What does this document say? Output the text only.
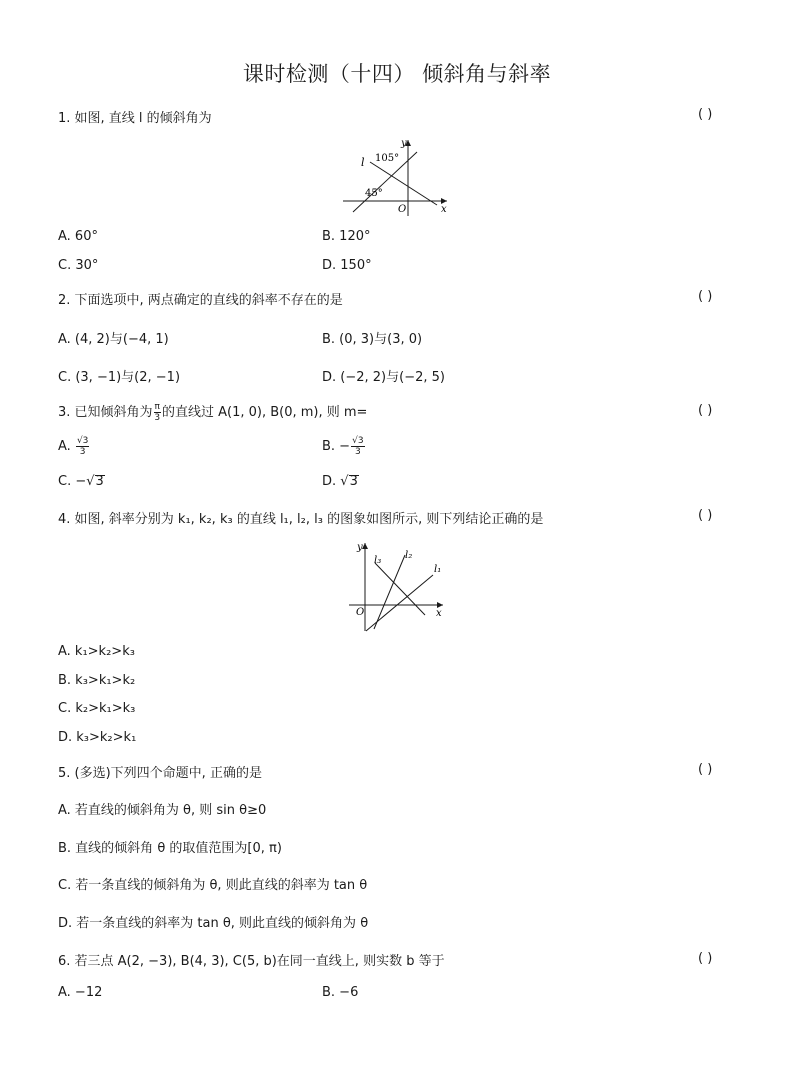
课时检测（十四） 倾斜角与斜率
1. 如图, 直线 l 的倾斜角为	( )
l 105°
45°
O	x
y
A. 60°	B. 120°
C. 30°	D. 150°
2. 下面选项中, 两点确定的直线的斜率不存在的是	( )
A. (4, 2)与(−4, 1)	B. (0, 3)与(3, 0)
C. (3, −1)与(2, −1)	D. (−2, 2)与(−2, 5)
3. 已知倾斜角为 $\frac{\pi}{3}$ 的直线过 A(1, 0), B(0, m), 则 m=	( )
A. $\frac{√3}{3}$	B. − $\frac{√3}{3}$
C. −√3	D. √3
4. 如图, 斜率分别为 k₁, k₂, k₃ 的直线 l₁, l₂, l₃ 的图象如图所示, 则下列结论正确的是	( )
l₃ l₂
l₁
O	x
y
A. k₁>k₂>k₃
B. k₃>k₁>k₂
C. k₂>k₁>k₃
D. k₃>k₂>k₁
5. (多选)下列四个命题中, 正确的是	( )
A. 若直线的倾斜角为 θ, 则 sin θ≥0
B. 直线的倾斜角 θ 的取值范围为[0, π)
C. 若一条直线的倾斜角为 θ, 则此直线的斜率为 tan θ
D. 若一条直线的斜率为 tan θ, 则此直线的倾斜角为 θ
6. 若三点 A(2, −3), B(4, 3), C(5, b)在同一直线上, 则实数 b 等于	( )
A. −12	B. −6
